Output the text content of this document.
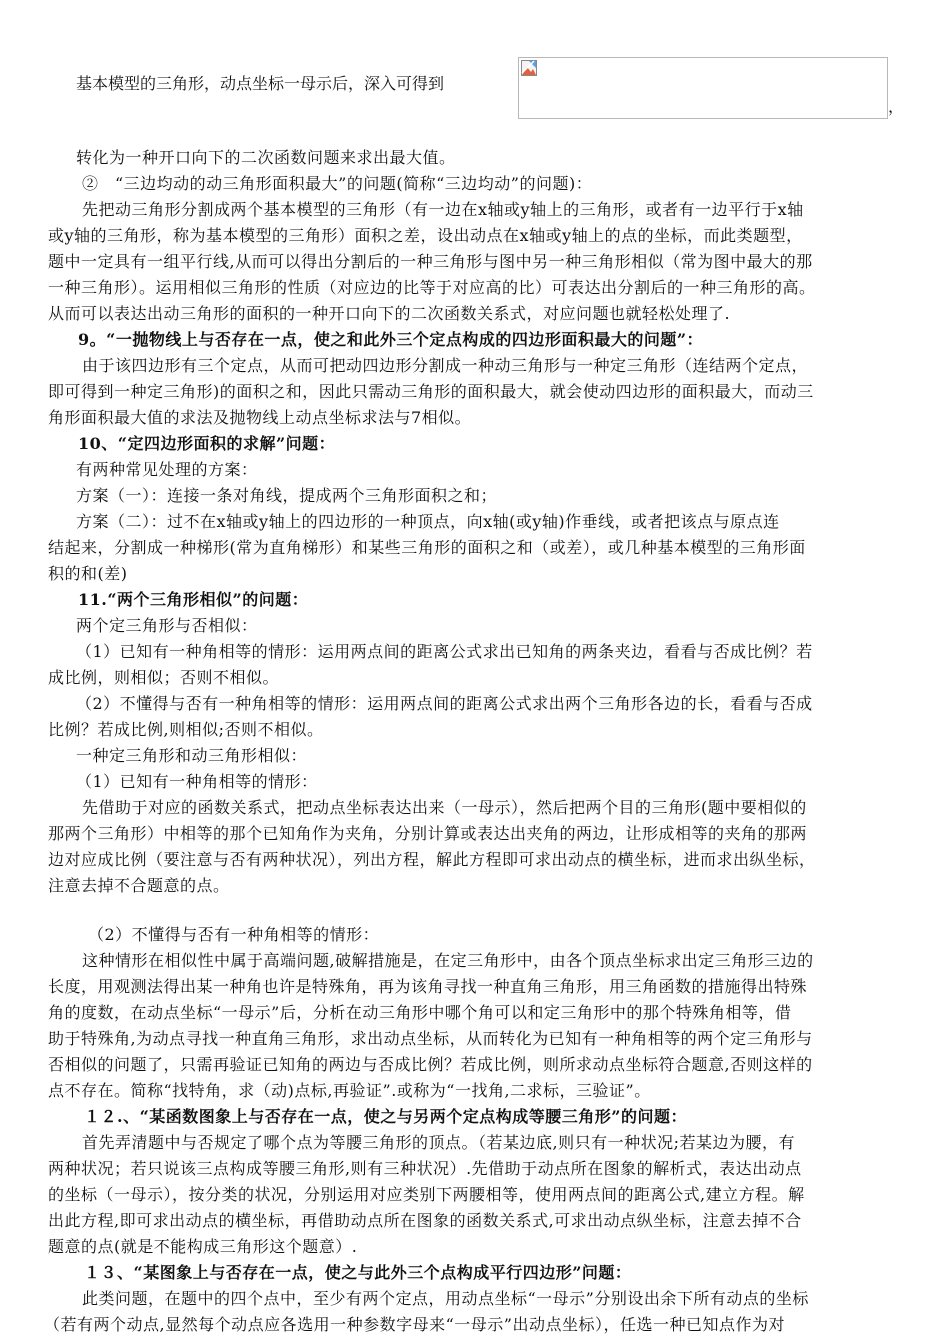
基本模型的三角形，动点坐标一母示后，深入可得到
，
转化为一种开口向下的二次函数问题来求出最大值。
②　“三边均动的动三角形面积最大”的问题(简称“三边均动”的问题)：
先把动三角形分割成两个基本模型的三角形（有一边在x轴或y轴上的三角形，或者有一边平行于x轴
或y轴的三角形，称为基本模型的三角形）面积之差，设出动点在x轴或y轴上的点的坐标，而此类题型，
题中一定具有一组平行线,从而可以得出分割后的一种三角形与图中另一种三角形相似（常为图中最大的那
一种三角形）。运用相似三角形的性质（对应边的比等于对应高的比）可表达出分割后的一种三角形的高。
从而可以表达出动三角形的面积的一种开口向下的二次函数关系式，对应问题也就轻松处理了.
9。“一抛物线上与否存在一点，使之和此外三个定点构成的四边形面积最大的问题”：
由于该四边形有三个定点，从而可把动四边形分割成一种动三角形与一种定三角形（连结两个定点，
即可得到一种定三角形)的面积之和，因此只需动三角形的面积最大，就会使动四边形的面积最大，而动三
角形面积最大值的求法及抛物线上动点坐标求法与7相似。
10、“定四边形面积的求解”问题：
有两种常见处理的方案：
方案（一）：连接一条对角线，提成两个三角形面积之和；
方案（二）：过不在x轴或y轴上的四边形的一种顶点，向x轴(或y轴)作垂线，或者把该点与原点连
结起来，分割成一种梯形(常为直角梯形）和某些三角形的面积之和（或差），或几种基本模型的三角形面
积的和(差)
11.“两个三角形相似”的问题：
两个定三角形与否相似：
（1）已知有一种角相等的情形：运用两点间的距离公式求出已知角的两条夹边，看看与否成比例？若
成比例，则相似；否则不相似。
（2）不懂得与否有一种角相等的情形：运用两点间的距离公式求出两个三角形各边的长，看看与否成
比例？若成比例,则相似;否则不相似。
一种定三角形和动三角形相似：
（1）已知有一种角相等的情形：
先借助于对应的函数关系式，把动点坐标表达出来（一母示），然后把两个目的三角形(题中要相似的
那两个三角形）中相等的那个已知角作为夹角，分别计算或表达出夹角的两边，让形成相等的夹角的那两
边对应成比例（要注意与否有两种状况），列出方程，解此方程即可求出动点的横坐标，进而求出纵坐标，
注意去掉不合题意的点。
（2）不懂得与否有一种角相等的情形：
这种情形在相似性中属于高端问题,破解措施是，在定三角形中，由各个顶点坐标求出定三角形三边的
长度，用观测法得出某一种角也许是特殊角，再为该角寻找一种直角三角形，用三角函数的措施得出特殊
角的度数，在动点坐标“一母示”后，分析在动三角形中哪个角可以和定三角形中的那个特殊角相等，借
助于特殊角,为动点寻找一种直角三角形，求出动点坐标，从而转化为已知有一种角相等的两个定三角形与
否相似的问题了，只需再验证已知角的两边与否成比例？若成比例，则所求动点坐标符合题意,否则这样的
点不存在。简称“找特角，求（动)点标,再验证”.或称为“一找角,二求标，三验证”。
１２.、“某函数图象上与否存在一点，使之与另两个定点构成等腰三角形”的问题：
首先弄清题中与否规定了哪个点为等腰三角形的顶点。（若某边底,则只有一种状况;若某边为腰，有
两种状况；若只说该三点构成等腰三角形,则有三种状况）.先借助于动点所在图象的解析式，表达出动点
的坐标（一母示），按分类的状况，分别运用对应类别下两腰相等，使用两点间的距离公式,建立方程。解
出此方程,即可求出动点的横坐标，再借助动点所在图象的函数关系式,可求出动点纵坐标，注意去掉不合
题意的点(就是不能构成三角形这个题意）.
１３、“某图象上与否存在一点，使之与此外三个点构成平行四边形”问题：
此类问题，在题中的四个点中，至少有两个定点，用动点坐标“一母示”分别设出余下所有动点的坐标
（若有两个动点,显然每个动点应各选用一种参数字母来“一母示”出动点坐标），任选一种已知点作为对
